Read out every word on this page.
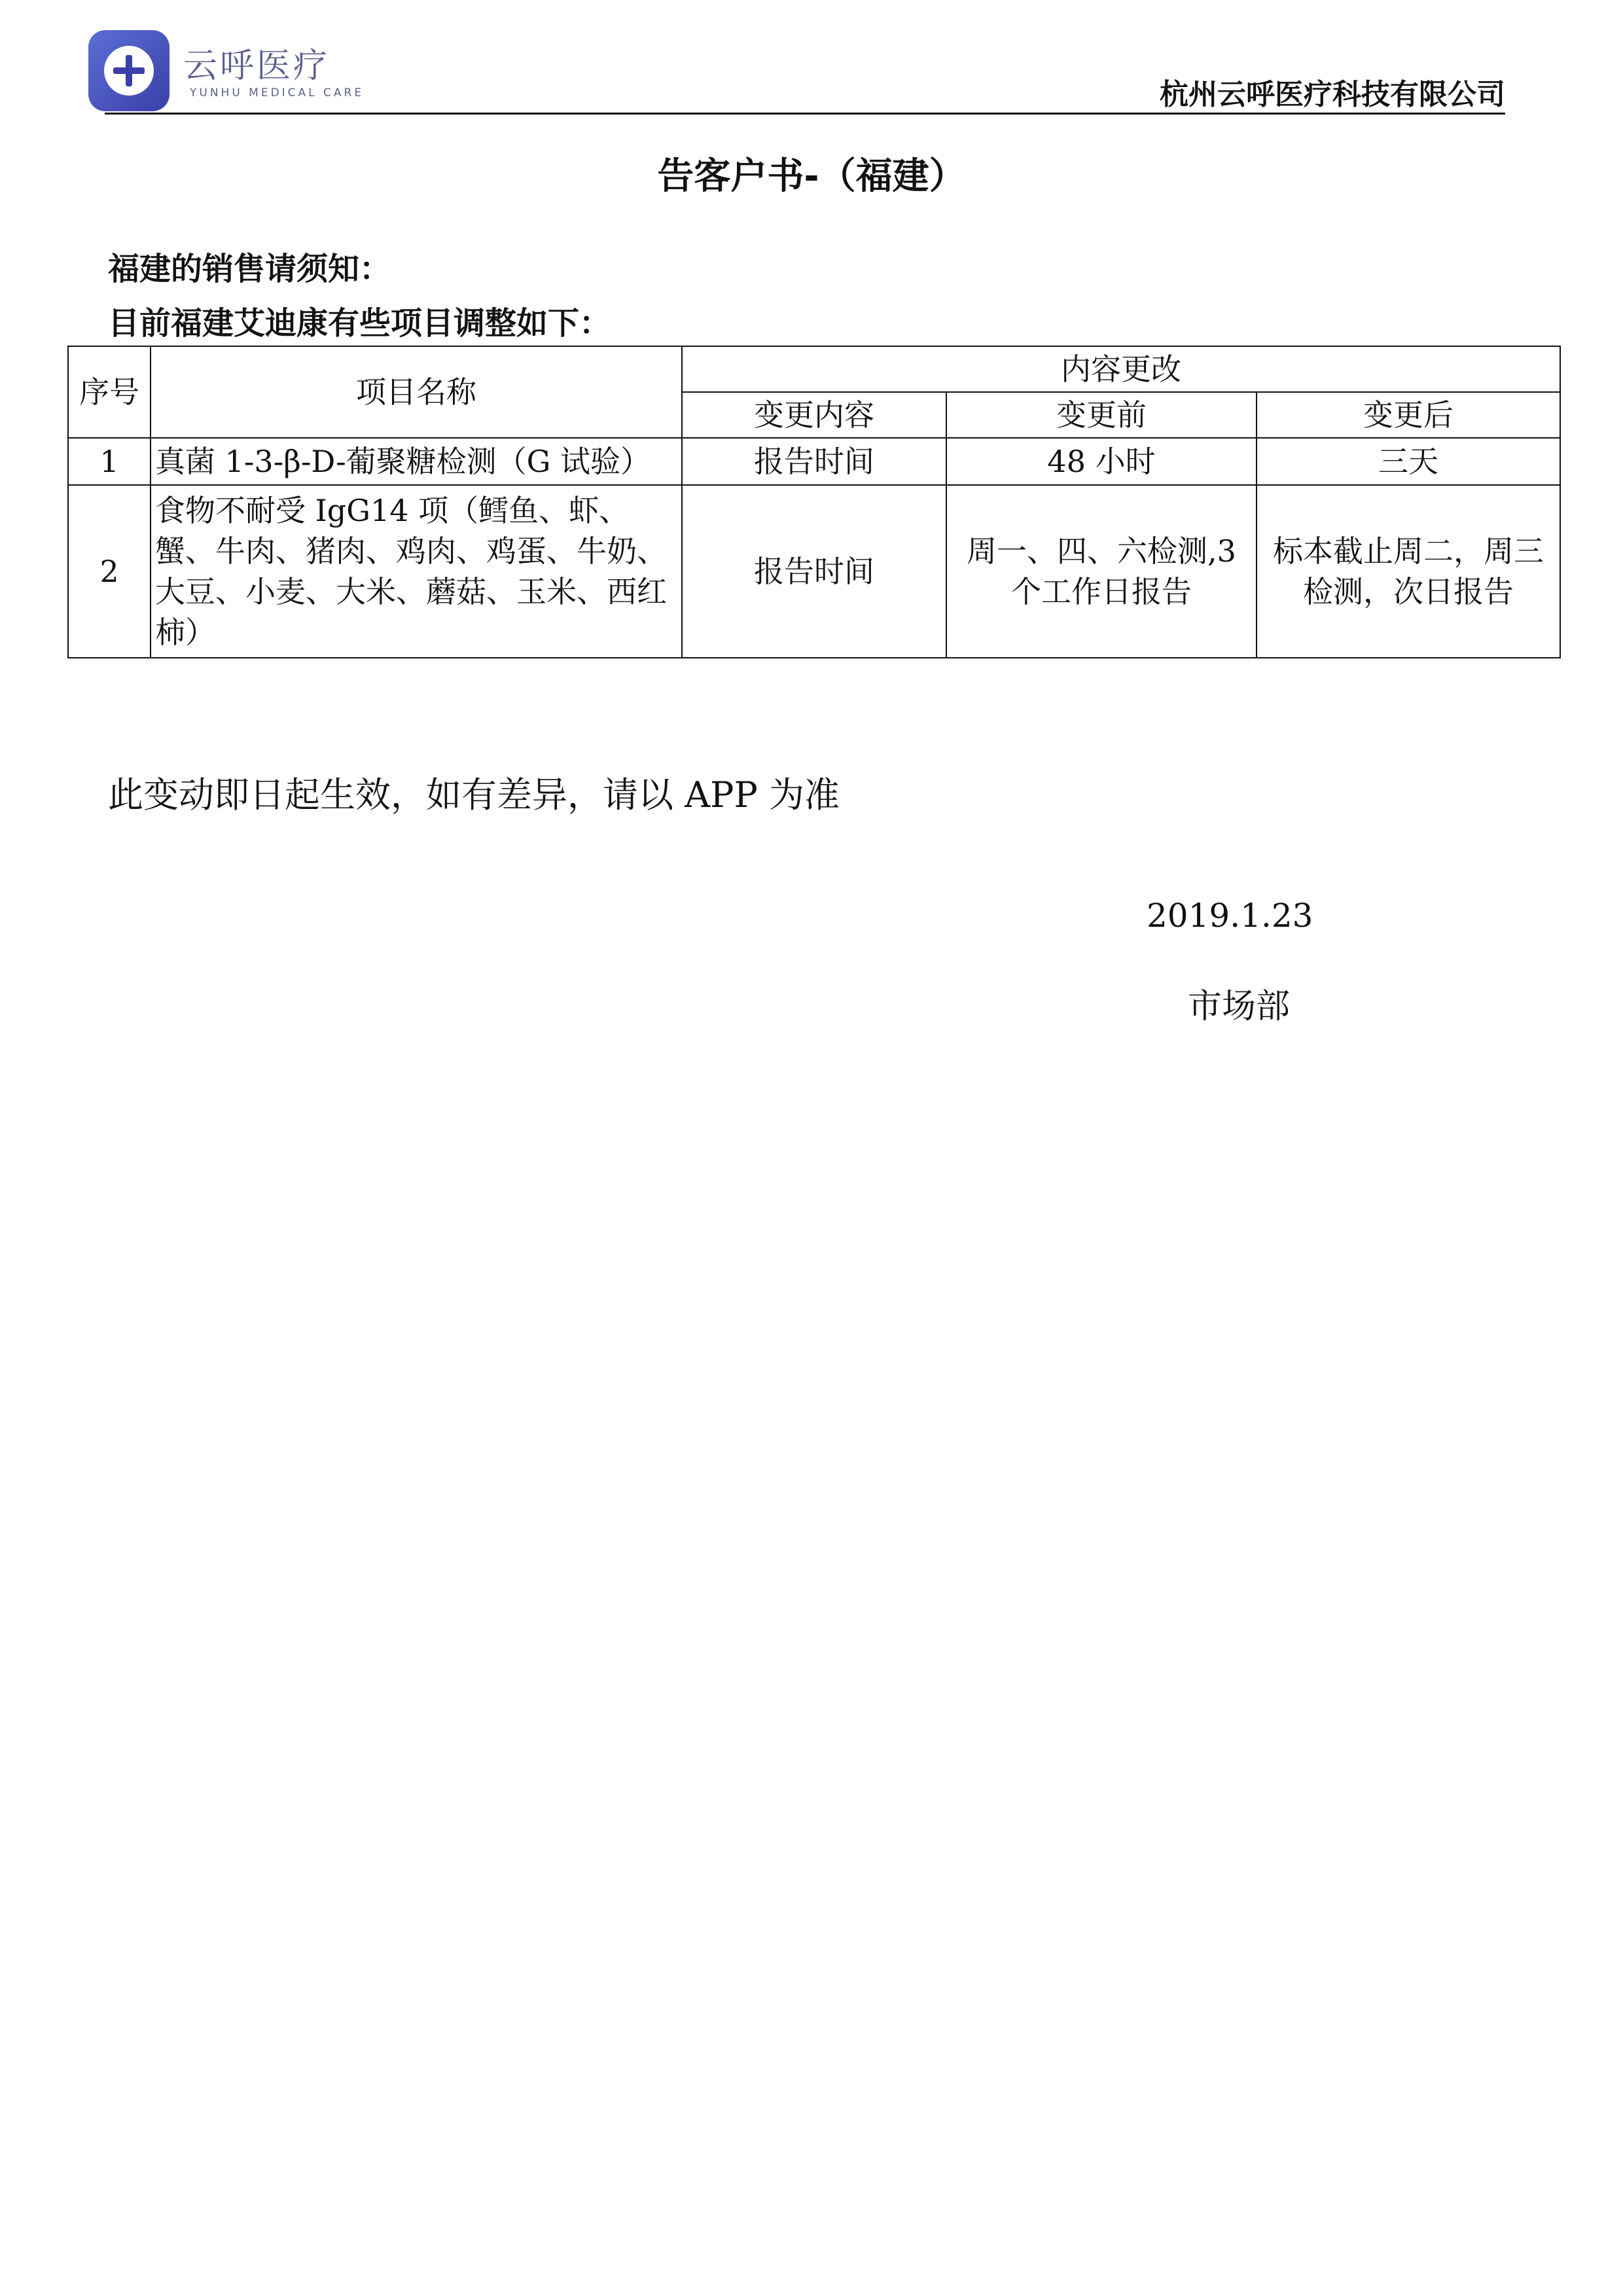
云呼医疗
YUNHU MEDICAL CARE	杭州云呼医疗科技有限公司
告客户书-（福建）
福建的销售请须知：
目前福建艾迪康有些项目调整如下：
序号	项目名称	内容更改		
		变更内容	变更前	变更后
1	真菌 1-3-β-D-葡聚糖检测（G 试验）	报告时间	48 小时	三天
2	食物不耐受 IgG14 项（鳕鱼、虾、蟹、牛肉、猪肉、鸡肉、鸡蛋、牛奶、大豆、小麦、大米、蘑菇、玉米、西红柿）	报告时间	周一、四、六检测,3 个工作日报告	标本截止周二，周三检测，次日报告
此变动即日起生效，如有差异，请以 APP 为准
2019.1.23
市场部
